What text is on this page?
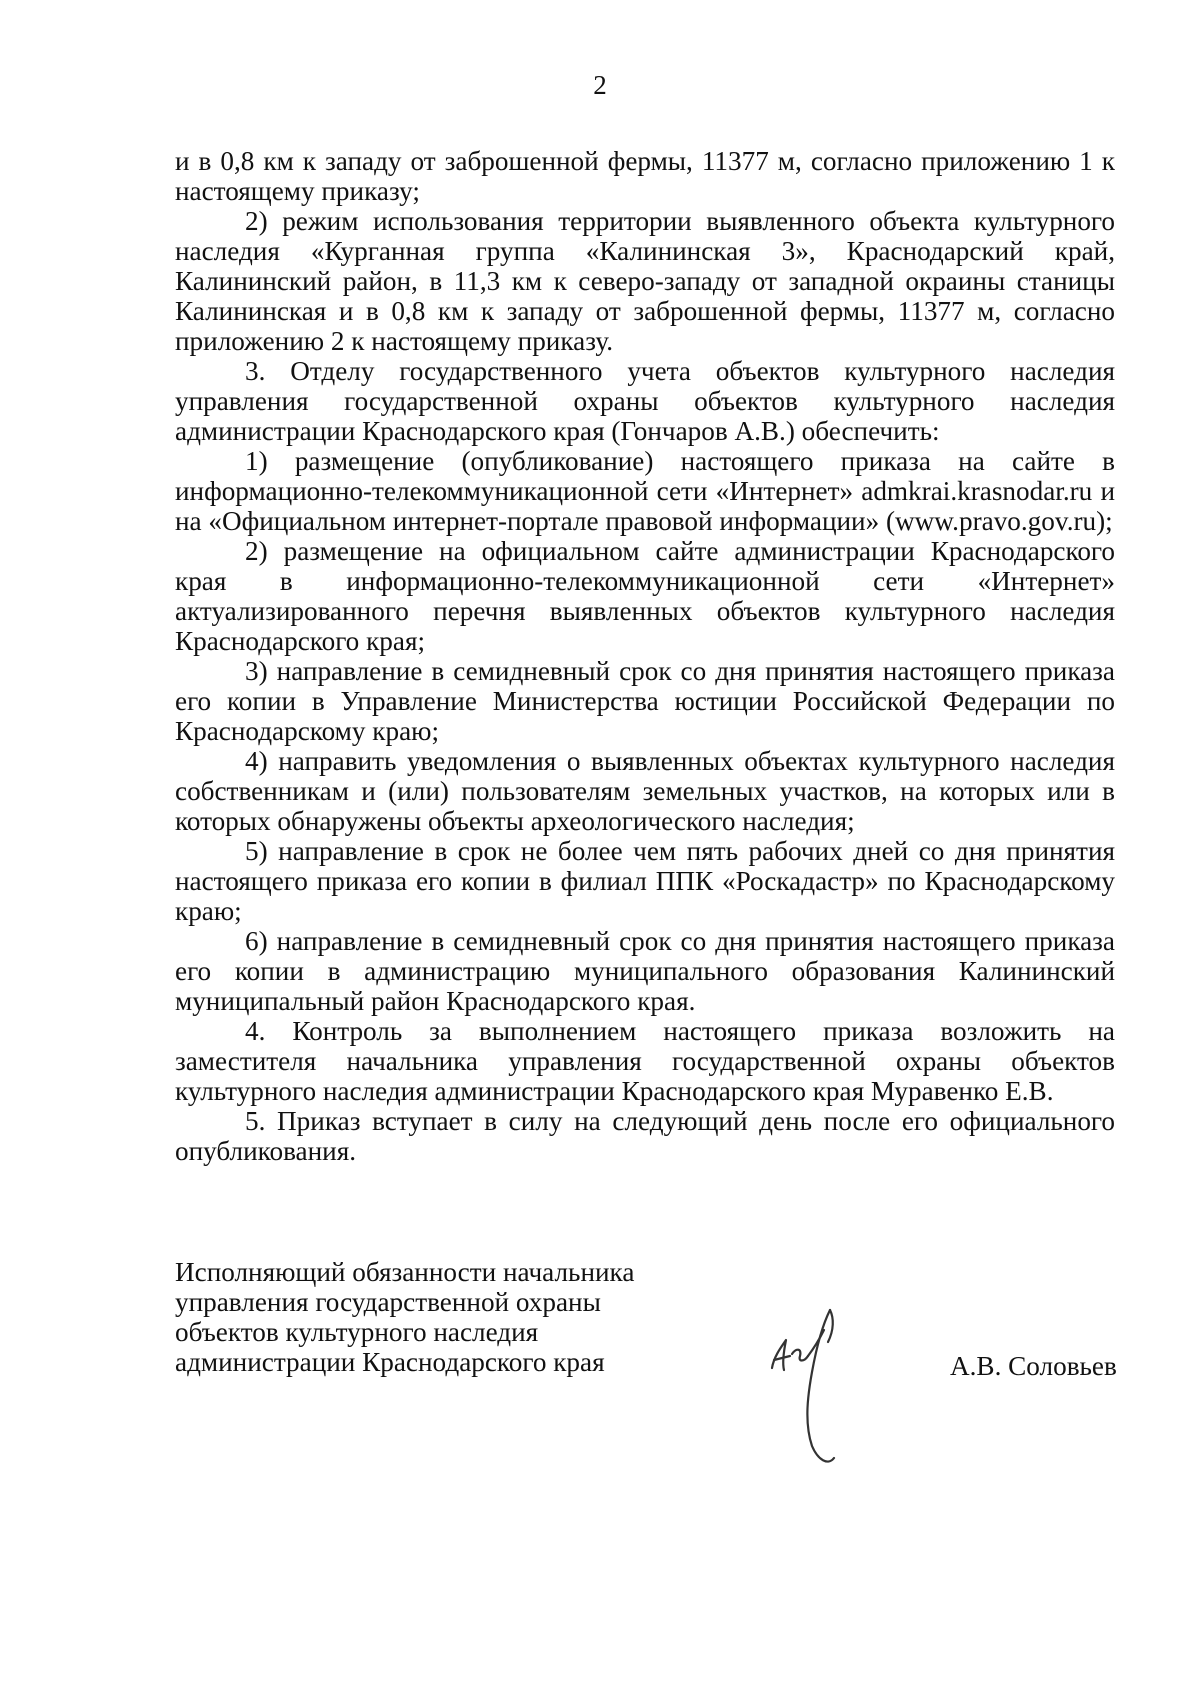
2

и в 0,8 км к западу от заброшенной фермы, 11377 м, согласно приложению 1 к настоящему приказу;

2) режим использования территории выявленного объекта культурного наследия «Курганная группа «Калининская 3», Краснодарский край, Калининский район, в 11,3 км к северо-западу от западной окраины станицы Калининская и в 0,8 км к западу от заброшенной фермы, 11377 м, согласно приложению 2 к настоящему приказу.

3. Отделу государственного учета объектов культурного наследия управления государственной охраны объектов культурного наследия администрации Краснодарского края (Гончаров А.В.) обеспечить:

1) размещение (опубликование) настоящего приказа на сайте в информационно-телекоммуникационной сети «Интернет» admkrai.krasnodar.ru и на «Официальном интернет-портале правовой информации» (www.pravo.gov.ru);

2) размещение на официальном сайте администрации Краснодарского края в информационно-телекоммуникационной сети «Интернет» актуализированного перечня выявленных объектов культурного наследия Краснодарского края;

3) направление в семидневный срок со дня принятия настоящего приказа его копии в Управление Министерства юстиции Российской Федерации по Краснодарскому краю;

4) направить уведомления о выявленных объектах культурного наследия собственникам и (или) пользователям земельных участков, на которых или в которых обнаружены объекты археологического наследия;

5) направление в срок не более чем пять рабочих дней со дня принятия настоящего приказа его копии в филиал ППК «Роскадастр» по Краснодарскому краю;

6) направление в семидневный срок со дня принятия настоящего приказа его копии в администрацию муниципального образования Калининский муниципальный район Краснодарского края.

4. Контроль за выполнением настоящего приказа возложить на заместителя начальника управления государственной охраны объектов культурного наследия администрации Краснодарского края Муравенко Е.В.

5. Приказ вступает в силу на следующий день после его официального опубликования.

Исполняющий обязанности начальника
управления государственной охраны
объектов культурного наследия
администрации Краснодарского края	А.В. Соловьев
